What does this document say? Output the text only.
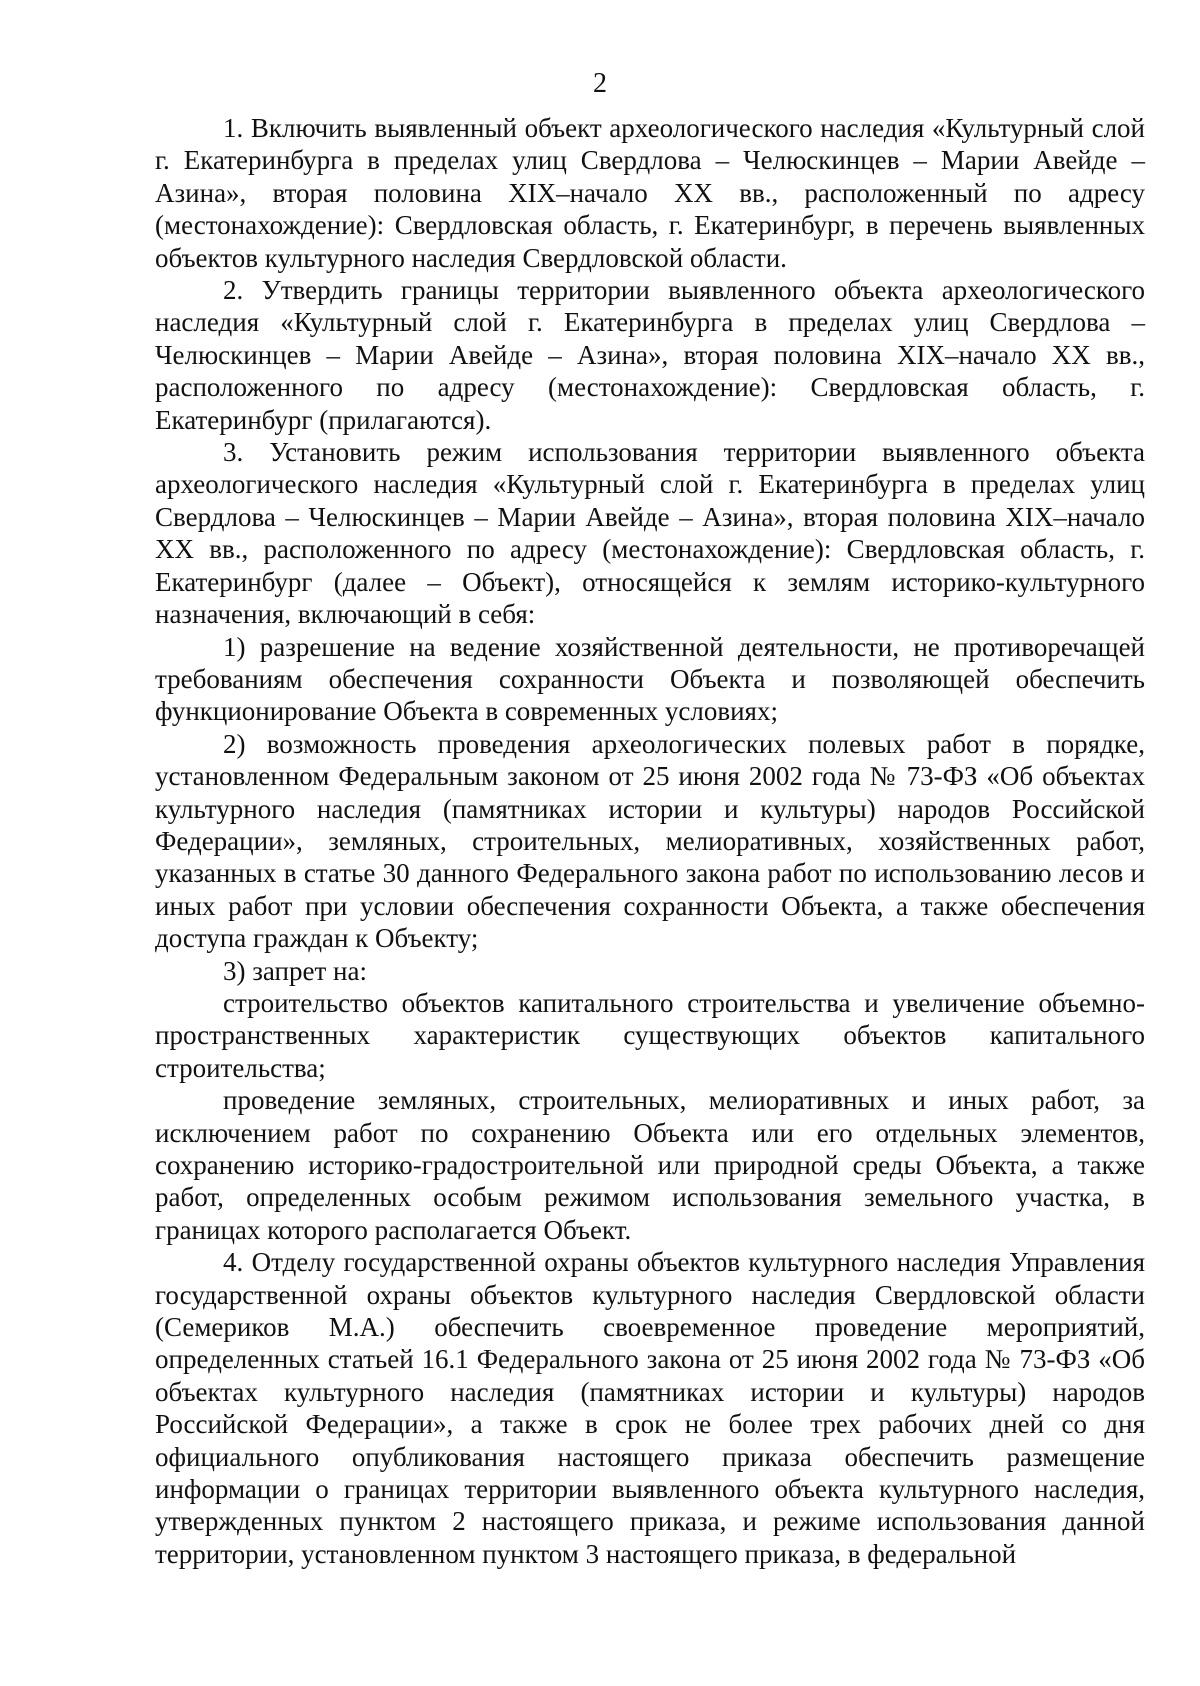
2

1. Включить выявленный объект археологического наследия «Культурный слой г. Екатеринбурга в пределах улиц Свердлова – Челюскинцев – Марии Авейде – Азина», вторая половина XIX–начало XX вв., расположенный по адресу (местонахождение): Свердловская область, г. Екатеринбург, в перечень выявленных объектов культурного наследия Свердловской области.

2. Утвердить границы территории выявленного объекта археологического наследия «Культурный слой г. Екатеринбурга в пределах улиц Свердлова – Челюскинцев – Марии Авейде – Азина», вторая половина XIX–начало XX вв., расположенного по адресу (местонахождение): Свердловская область, г. Екатеринбург (прилагаются).

3. Установить режим использования территории выявленного объекта археологического наследия «Культурный слой г. Екатеринбурга в пределах улиц Свердлова – Челюскинцев – Марии Авейде – Азина», вторая половина XIX–начало XX вв., расположенного по адресу (местонахождение): Свердловская область, г. Екатеринбург (далее – Объект), относящейся к землям историко-культурного назначения, включающий в себя:

1) разрешение на ведение хозяйственной деятельности, не противоречащей требованиям обеспечения сохранности Объекта и позволяющей обеспечить функционирование Объекта в современных условиях;

2) возможность проведения археологических полевых работ в порядке, установленном Федеральным законом от 25 июня 2002 года № 73-ФЗ «Об объектах культурного наследия (памятниках истории и культуры) народов Российской Федерации», земляных, строительных, мелиоративных, хозяйственных работ, указанных в статье 30 данного Федерального закона работ по использованию лесов и иных работ при условии обеспечения сохранности Объекта, а также обеспечения доступа граждан к Объекту;

3) запрет на:

строительство объектов капитального строительства и увеличение объемно-пространственных характеристик существующих объектов капитального строительства;

проведение земляных, строительных, мелиоративных и иных работ, за исключением работ по сохранению Объекта или его отдельных элементов, сохранению историко-градостроительной или природной среды Объекта, а также работ, определенных особым режимом использования земельного участка, в границах которого располагается Объект.

4. Отделу государственной охраны объектов культурного наследия Управления государственной охраны объектов культурного наследия Свердловской области (Семериков М.А.) обеспечить своевременное проведение мероприятий, определенных статьей 16.1 Федерального закона от 25 июня 2002 года № 73-ФЗ «Об объектах культурного наследия (памятниках истории и культуры) народов Российской Федерации», а также в срок не более трех рабочих дней со дня официального опубликования настоящего приказа обеспечить размещение информации о границах территории выявленного объекта культурного наследия, утвержденных пунктом 2 настоящего приказа, и режиме использования данной территории, установленном пунктом 3 настоящего приказа, в федеральной
